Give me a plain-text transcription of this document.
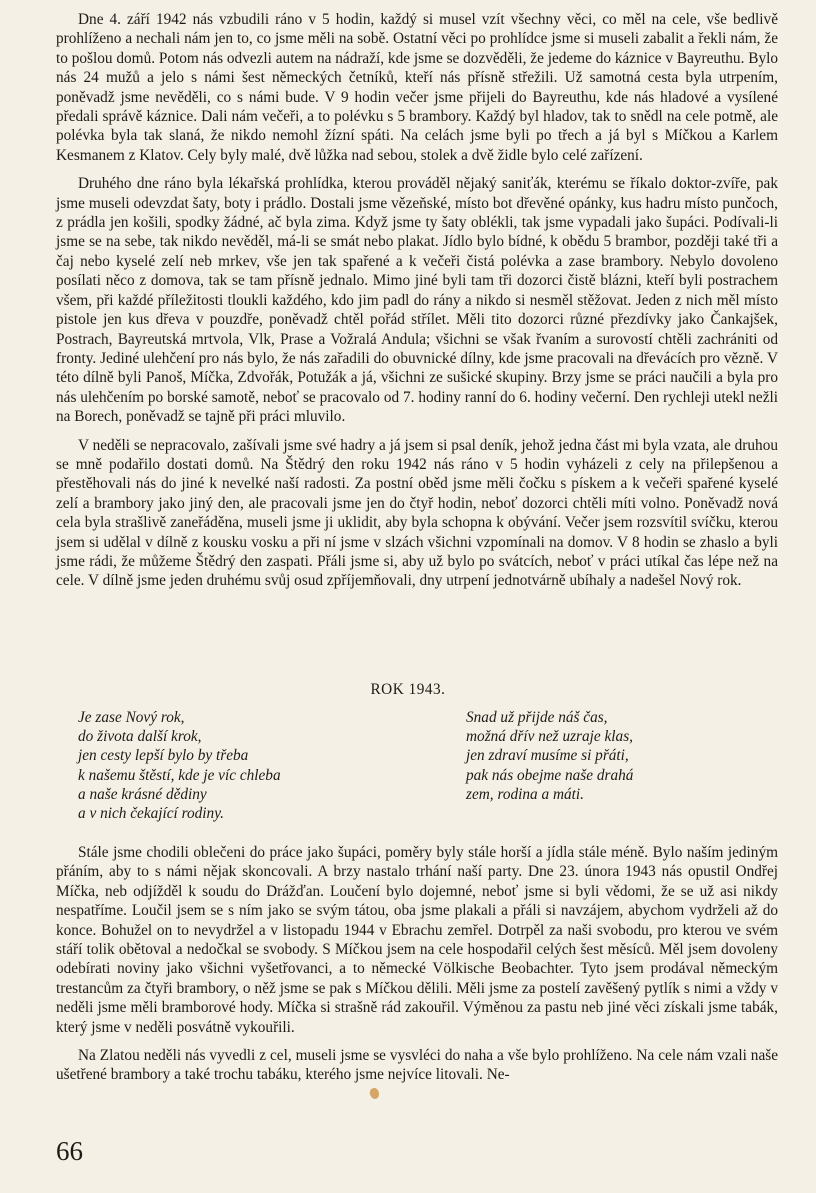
Dne 4. září 1942 nás vzbudili ráno v 5 hodin, každý si musel vzít všechny věci, co měl na cele, vše bedlivě prohlíženo a nechali nám jen to, co jsme měli na sobě. Ostatní věci po prohlídce jsme si museli zabalit a řekli nám, že to pošlou domů. Potom nás odvezli autem na nádraží, kde jsme se dozvěděli, že jedeme do káznice v Bayreuthu. Bylo nás 24 mužů a jelo s námi šest německých četníků, kteří nás přísně střežili. Už samotná cesta byla utrpením, poněvadž jsme nevěděli, co s námi bude. V 9 hodin večer jsme přijeli do Bayreuthu, kde nás hladové a vysílené předali správě káznice. Dali nám večeři, a to polévku s 5 brambory. Každý byl hladov, tak to snědl na cele potmě, ale polévka byla tak slaná, že nikdo nemohl žízní spáti. Na celách jsme byli po třech a já byl s Míčkou a Karlem Kesmanem z Klatov. Cely byly malé, dvě lůžka nad sebou, stolek a dvě židle bylo celé zařízení.

Druhého dne ráno byla lékařská prohlídka, kterou prováděl nějaký saniťák, kterému se říkalo doktor-zvíře, pak jsme museli odevzdat šaty, boty i prádlo. Dostali jsme vězeňské, místo bot dřevěné opánky, kus hadru místo punčoch, z prádla jen košili, spodky žádné, ač byla zima. Když jsme ty šaty oblékli, tak jsme vypadali jako šupáci. Podívali-li jsme se na sebe, tak nikdo nevěděl, má-li se smát nebo plakat. Jídlo bylo bídné, k obědu 5 brambor, později také tři a čaj nebo kyselé zelí neb mrkev, vše jen tak spařené a k večeři čistá polévka a zase brambory. Nebylo dovoleno posílati něco z domova, tak se tam přísně jednalo. Mimo jiné byli tam tři dozorci čistě blázni, kteří byli postrachem všem, při každé příležitosti tloukli každého, kdo jim padl do rány a nikdo si nesměl stěžovat. Jeden z nich měl místo pistole jen kus dřeva v pouzdře, poněvadž chtěl pořád střílet. Měli tito dozorci různé přezdívky jako Čankajšek, Postrach, Bayreutská mrtvola, Vlk, Prase a Vožralá Andula; všichni se však řvaním a surovostí chtěli zachrániti od fronty. Jediné ulehčení pro nás bylo, že nás zařadili do obuvnické dílny, kde jsme pracovali na dřevácích pro vězně. V této dílně byli Panoš, Míčka, Zdvořák, Potužák a já, všichni ze sušické skupiny. Brzy jsme se práci naučili a byla pro nás ulehčením po borské samotě, neboť se pracovalo od 7. hodiny ranní do 6. hodiny večerní. Den rychleji utekl nežli na Borech, poněvadž se tajně při práci mluvilo.

V neděli se nepracovalo, zašívali jsme své hadry a já jsem si psal deník, jehož jedna část mi byla vzata, ale druhou se mně podařilo dostati domů. Na Štědrý den roku 1942 nás ráno v 5 hodin vyházeli z cely na přilepšenou a přestěhovali nás do jiné k nevelké naší radosti. Za postní oběd jsme měli čočku s pískem a k večeři spařené kyselé zelí a brambory jako jiný den, ale pracovali jsme jen do čtyř hodin, neboť dozorci chtěli míti volno. Poněvadž nová cela byla strašlivě zaneřáděna, museli jsme ji uklidit, aby byla schopna k obývání. Večer jsem rozsvítil svíčku, kterou jsem si udělal v dílně z kousku vosku a při ní jsme v slzách všichni vzpomínali na domov. V 8 hodin se zhaslo a byli jsme rádi, že můžeme Štědrý den zaspati. Přáli jsme si, aby už bylo po svátcích, neboť v práci utíkal čas lépe než na cele. V dílně jsme jeden druhému svůj osud zpříjemňovali, dny utrpení jednotvárně ubíhaly a nadešel Nový rok.

ROK 1943.
Je zase Nový rok,
do života další krok,
jen cesty lepší bylo by třeba
k našemu štěstí, kde je víc chleba
a naše krásné dědiny
a v nich čekající rodiny.
Snad už přijde náš čas,
možná dřív než uzraje klas,
jen zdraví musíme si přáti,
pak nás obejme naše drahá
zem, rodina a máti.

Stále jsme chodili oblečeni do práce jako šupáci, poměry byly stále horší a jídla stále méně. Bylo naším jediným přáním, aby to s námi nějak skoncovali. A brzy nastalo trhání naší party. Dne 23. února 1943 nás opustil Ondřej Míčka, neb odjížděl k soudu do Drážďan. Loučení bylo dojemné, neboť jsme si byli vědomi, že se už asi nikdy nespatříme. Loučil jsem se s ním jako se svým tátou, oba jsme plakali a přáli si navzájem, abychom vydrželi až do konce. Bohužel on to nevydržel a v listopadu 1944 v Ebrachu zemřel. Dotrpěl za naši svobodu, pro kterou ve svém stáří tolik obětoval a nedočkal se svobody. S Míčkou jsem na cele hospodařil celých šest měsíců. Měl jsem dovoleny odebírati noviny jako všichni vyšetřovanci, a to německé Völkische Beobachter. Tyto jsem prodával německým trestancům za čtyři brambory, o něž jsme se pak s Míčkou dělili. Měli jsme za postelí zavěšený pytlík s nimi a vždy v neděli jsme měli bramborové hody. Míčka si strašně rád zakouřil. Výměnou za pastu neb jiné věci získali jsme tabák, který jsme v neděli posvátně vykouřili.

Na Zlatou neděli nás vyvedli z cel, museli jsme se vysvléci do naha a vše bylo prohlíženo. Na cele nám vzali naše ušetřené brambory a také trochu tabáku, kterého jsme nejvíce litovali. Ne-

66
